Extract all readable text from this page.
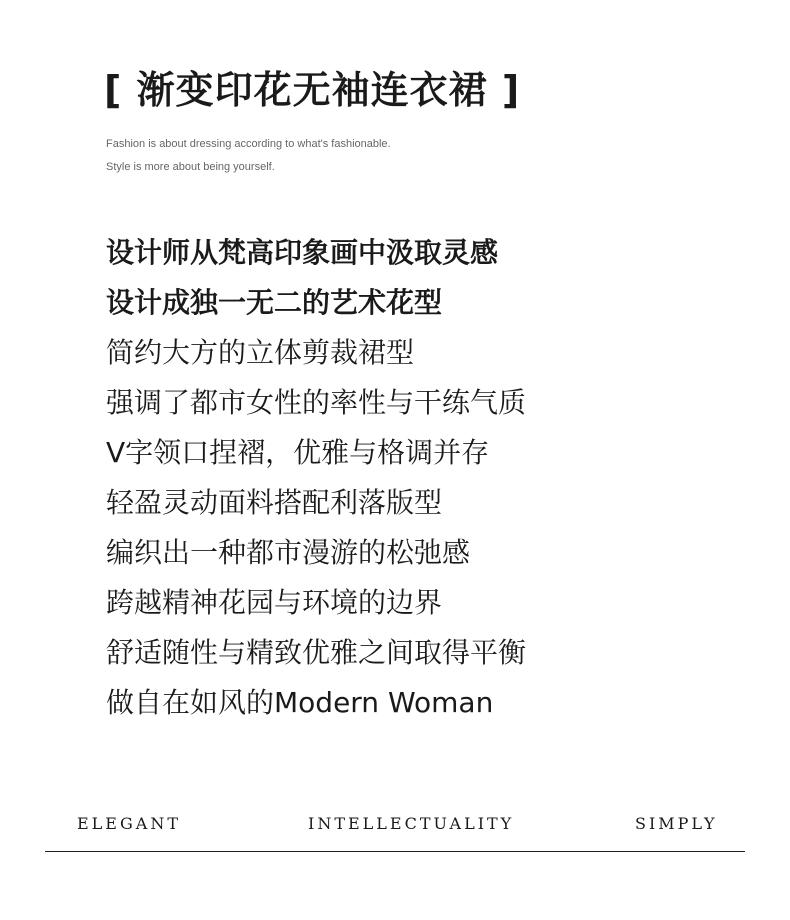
[ 渐变印花无袖连衣裙 ]
Fashion is about dressing according to what's fashionable.
Style is more about being yourself.
设计师从梵高印象画中汲取灵感
设计成独一无二的艺术花型
简约大方的立体剪裁裙型
强调了都市女性的率性与干练气质
V字领口捏褶，优雅与格调并存
轻盈灵动面料搭配利落版型
编织出一种都市漫游的松弛感
跨越精神花园与环境的边界
舒适随性与精致优雅之间取得平衡
做自在如风的Modern Woman
ELEGANT	INTELLECTUALITY	SIMPLY
